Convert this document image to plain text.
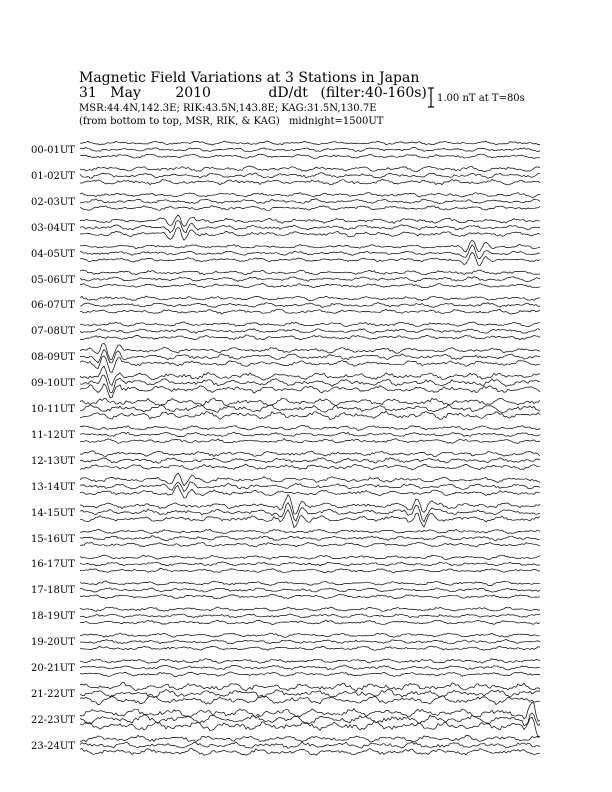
Magnetic Field Variations at 3 Stations in Japan
31 May 2010	dD/dt (filter:40-160s)
MSR:44.4N,142.3E; RIK:43.5N,143.8E; KAG:31.5N,130.7E
(from bottom to top, MSR, RIK, & KAG) midnight=1500UT
1.00 nT at T=80s
00-01UT
01-02UT
02-03UT
03-04UT
04-05UT
05-06UT
06-07UT
07-08UT
08-09UT
09-10UT
10-11UT
11-12UT
12-13UT
13-14UT
14-15UT
15-16UT
16-17UT
17-18UT
18-19UT
19-20UT
20-21UT
21-22UT
22-23UT
23-24UT
